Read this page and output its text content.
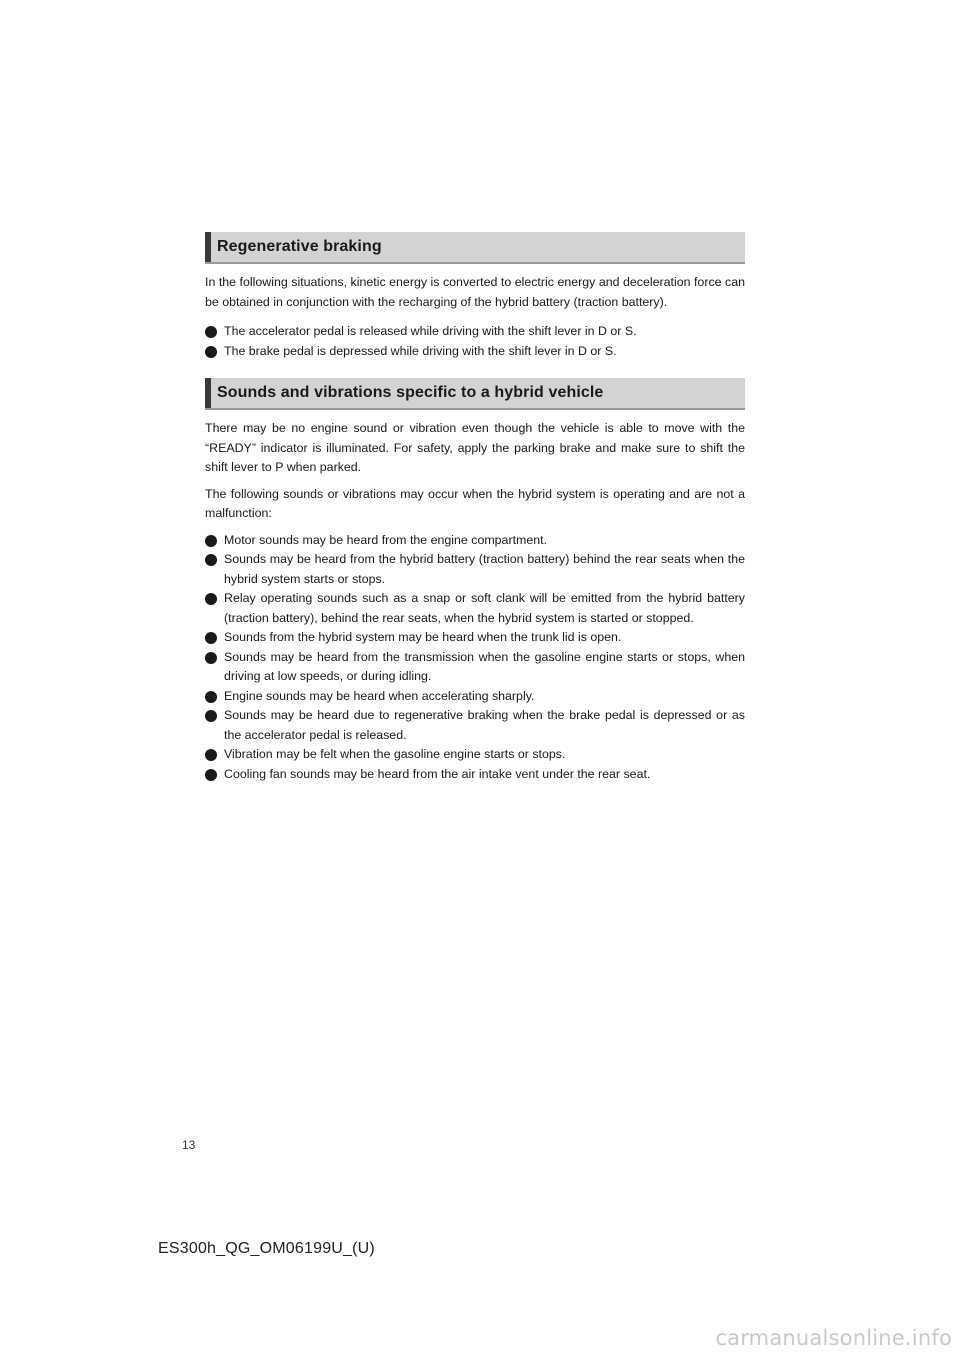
Regenerative braking

In the following situations, kinetic energy is converted to electric energy and deceleration force can be obtained in conjunction with the recharging of the hybrid battery (traction battery).

The accelerator pedal is released while driving with the shift lever in D or S.
The brake pedal is depressed while driving with the shift lever in D or S.
Sounds and vibrations specific to a hybrid vehicle

There may be no engine sound or vibration even though the vehicle is able to move with the “READY” indicator is illuminated. For safety, apply the parking brake and make sure to shift the shift lever to P when parked.

The following sounds or vibrations may occur when the hybrid system is operating and are not a malfunction:

Motor sounds may be heard from the engine compartment.
Sounds may be heard from the hybrid battery (traction battery) behind the rear seats when the hybrid system starts or stops.
Relay operating sounds such as a snap or soft clank will be emitted from the hybrid battery (traction battery), behind the rear seats, when the hybrid system is started or stopped.
Sounds from the hybrid system may be heard when the trunk lid is open.
Sounds may be heard from the transmission when the gasoline engine starts or stops, when driving at low speeds, or during idling.
Engine sounds may be heard when accelerating sharply.
Sounds may be heard due to regenerative braking when the brake pedal is depressed or as the accelerator pedal is released.
Vibration may be felt when the gasoline engine starts or stops.
Cooling fan sounds may be heard from the air intake vent under the rear seat.
13
ES300h_QG_OM06199U_(U)
carmanualsonline.info
